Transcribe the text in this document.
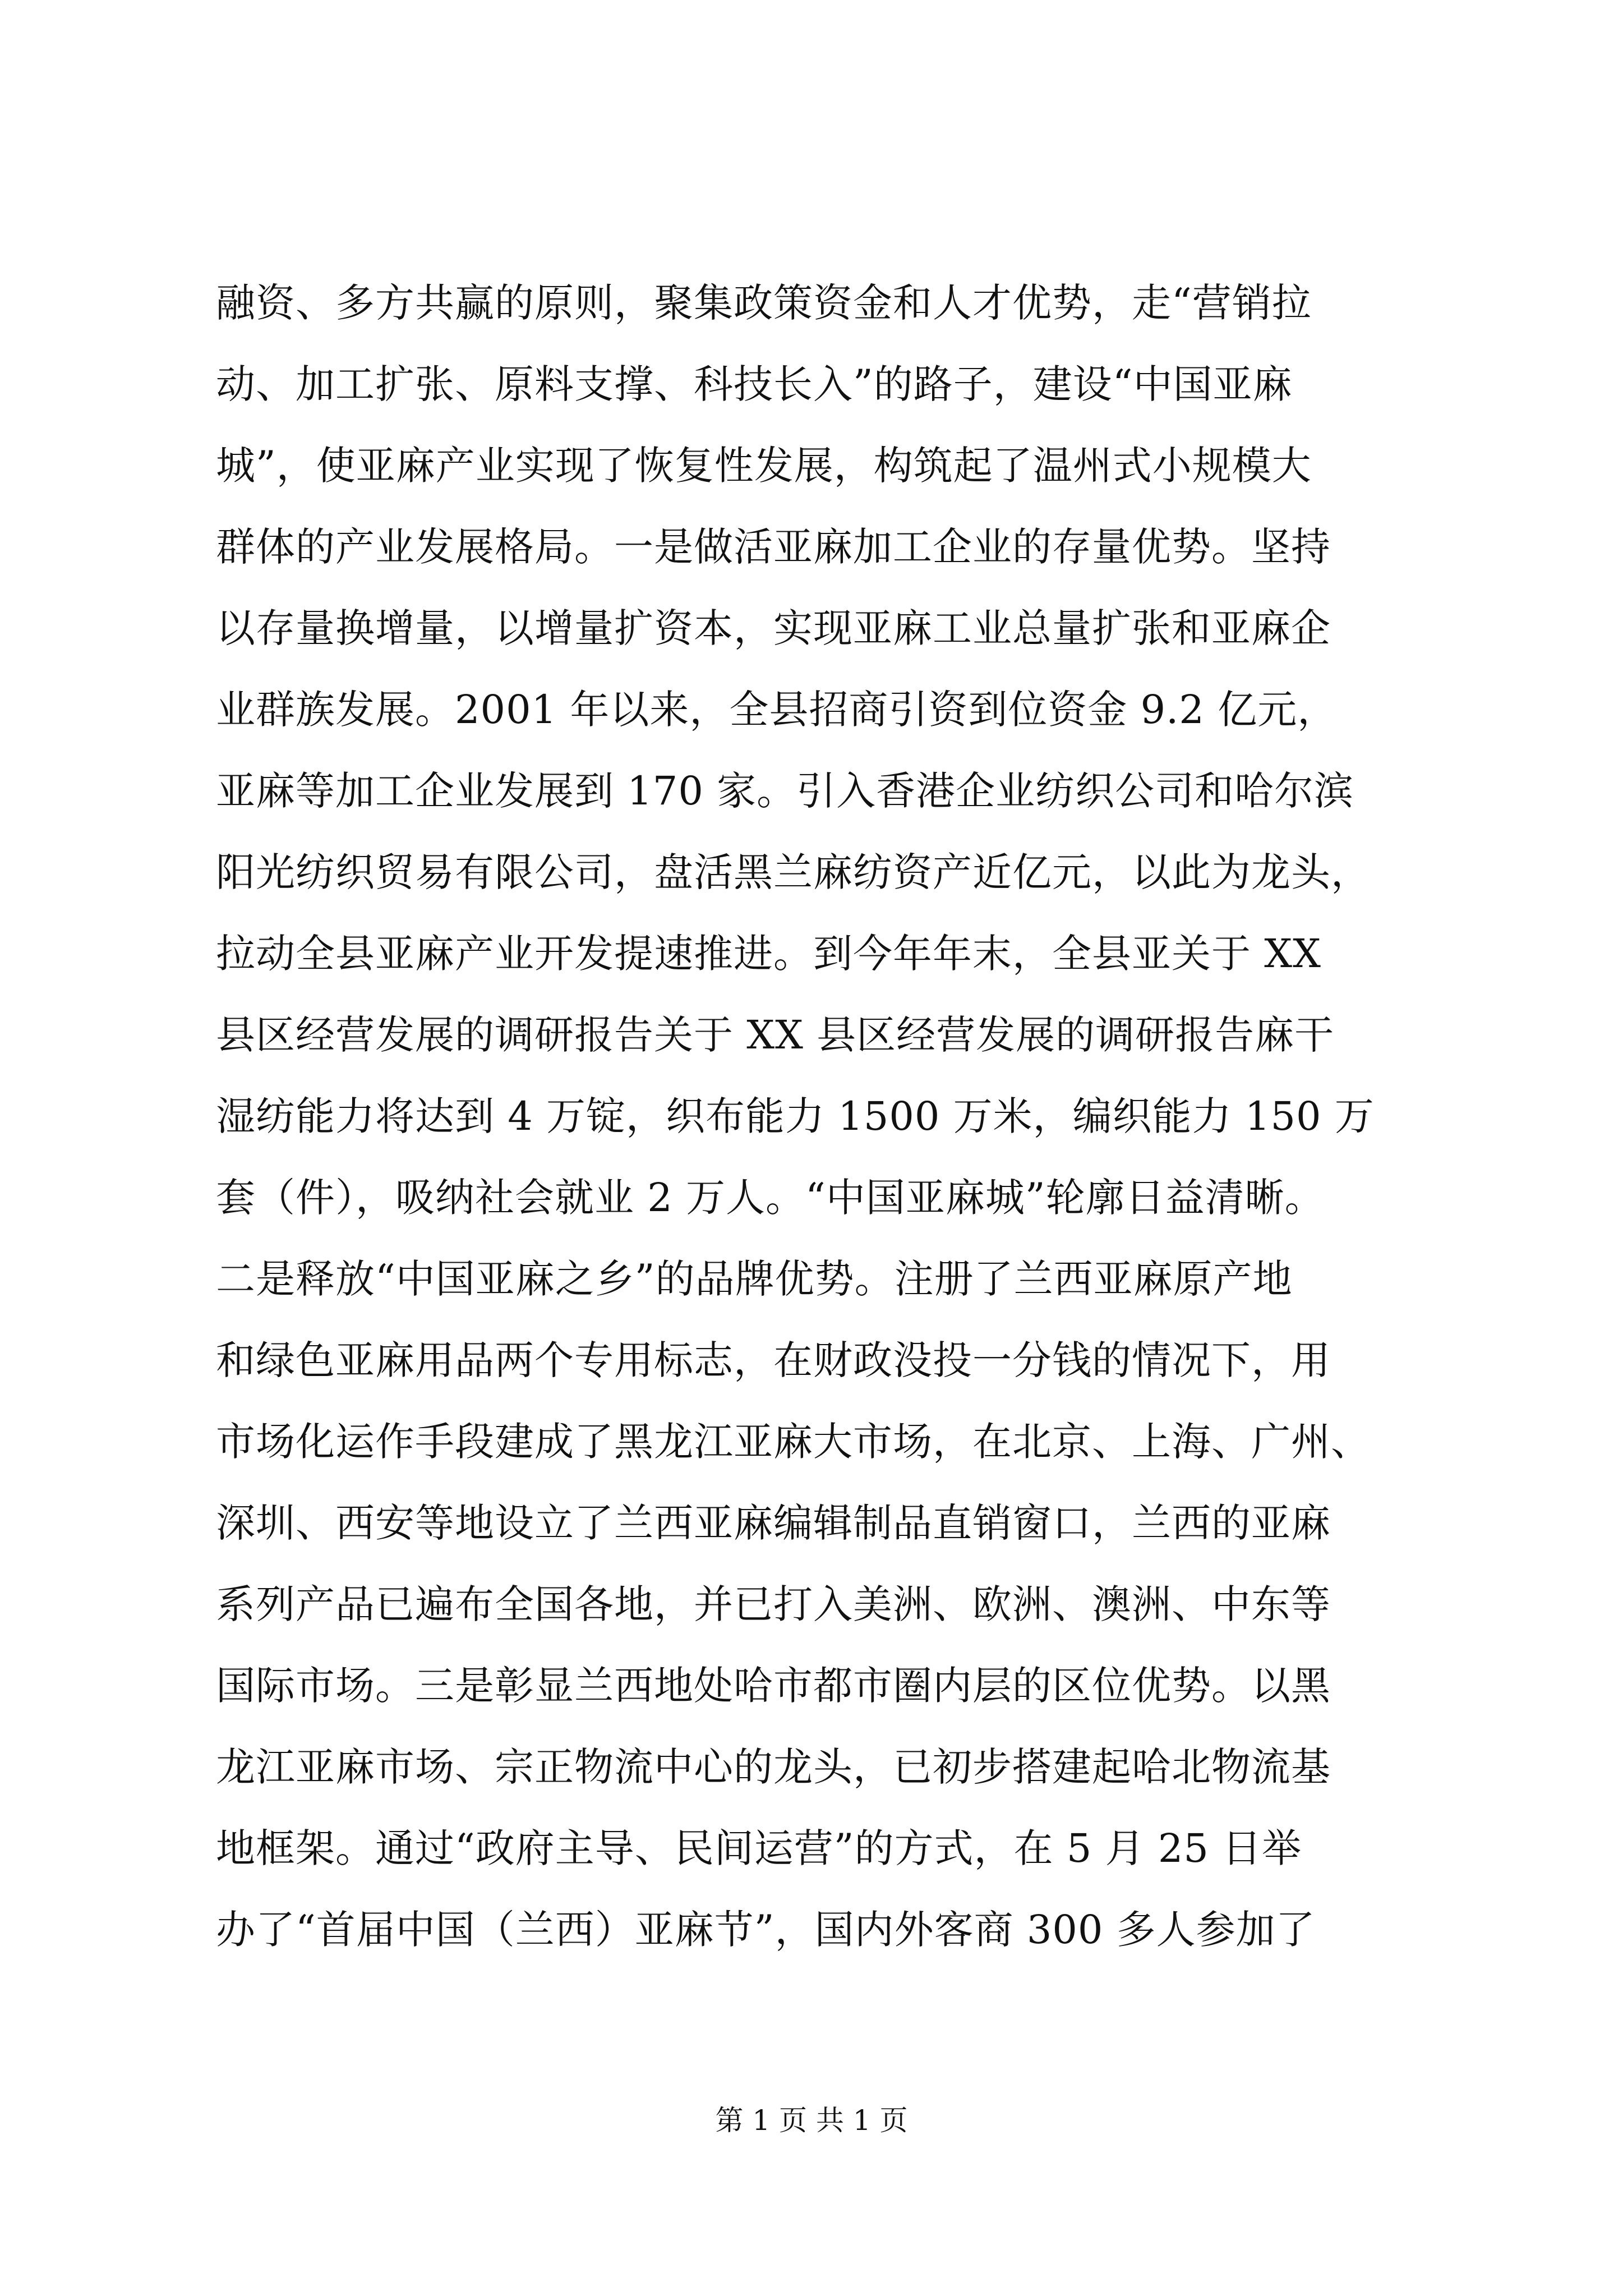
融资、多方共赢的原则，聚集政策资金和人才优势，走“营销拉
动、加工扩张、原料支撑、科技长入”的路子，建设“中国亚麻
城”，使亚麻产业实现了恢复性发展，构筑起了温州式小规模大
群体的产业发展格局。一是做活亚麻加工企业的存量优势。坚持
以存量换增量，以增量扩资本，实现亚麻工业总量扩张和亚麻企
业群族发展。2001 年以来，全县招商引资到位资金 9.2 亿元，
亚麻等加工企业发展到 170 家。引入香港企业纺织公司和哈尔滨
阳光纺织贸易有限公司，盘活黑兰麻纺资产近亿元，以此为龙头，
拉动全县亚麻产业开发提速推进。到今年年末，全县亚关于 XX
县区经营发展的调研报告关于 XX 县区经营发展的调研报告麻干
湿纺能力将达到 4 万锭，织布能力 1500 万米，编织能力 150 万
套（件），吸纳社会就业 2 万人。“中国亚麻城”轮廓日益清晰。
二是释放“中国亚麻之乡”的品牌优势。注册了兰西亚麻原产地
和绿色亚麻用品两个专用标志，在财政没投一分钱的情况下，用
市场化运作手段建成了黑龙江亚麻大市场，在北京、上海、广州、
深圳、西安等地设立了兰西亚麻编辑制品直销窗口，兰西的亚麻
系列产品已遍布全国各地，并已打入美洲、欧洲、澳洲、中东等
国际市场。三是彰显兰西地处哈市都市圈内层的区位优势。以黑
龙江亚麻市场、宗正物流中心的龙头，已初步搭建起哈北物流基
地框架。通过“政府主导、民间运营”的方式，在 5 月 25 日举
办了“首届中国（兰西）亚麻节”，国内外客商 300 多人参加了
第 1 页 共 1 页
